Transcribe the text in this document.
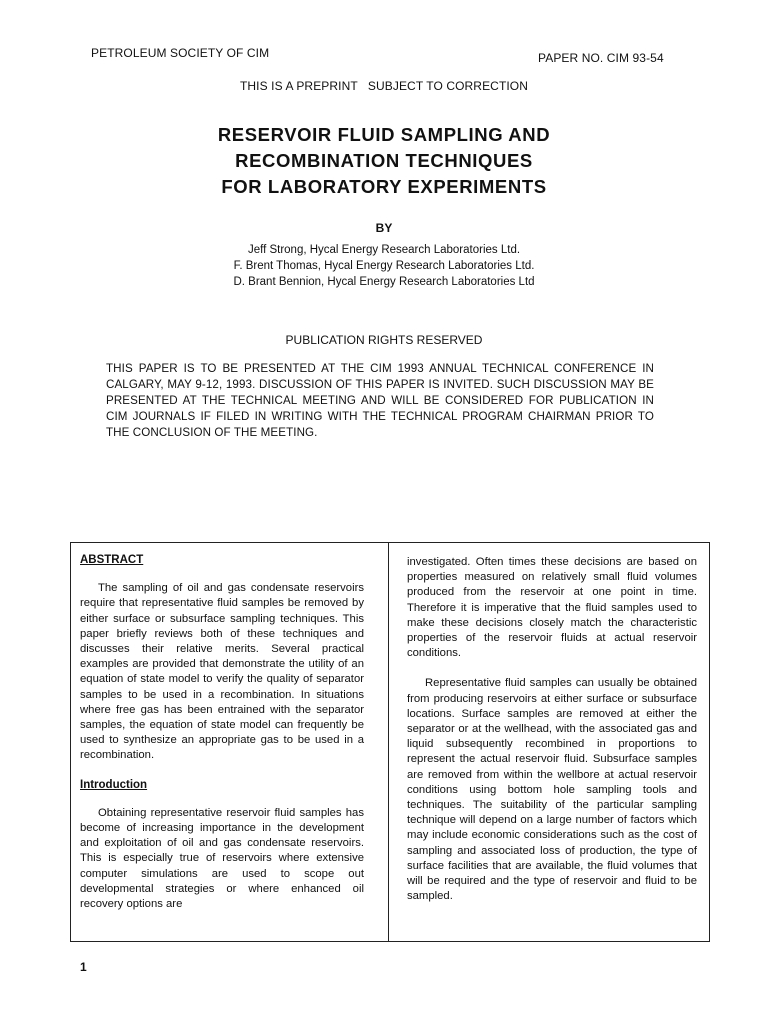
PETROLEUM SOCIETY OF CIM	PAPER NO. CIM 93-54
THIS IS A PREPRINT   SUBJECT TO CORRECTION
RESERVOIR FLUID SAMPLING AND
RECOMBINATION TECHNIQUES
FOR LABORATORY EXPERIMENTS
BY
Jeff Strong, Hycal Energy Research Laboratories Ltd.
F. Brent Thomas, Hycal Energy Research Laboratories Ltd.
D. Brant Bennion, Hycal Energy Research Laboratories Ltd
PUBLICATION RIGHTS RESERVED
THIS PAPER IS TO BE PRESENTED AT THE CIM 1993 ANNUAL TECHNICAL CONFERENCE IN CALGARY, MAY 9-12, 1993. DISCUSSION OF THIS PAPER IS INVITED. SUCH DISCUSSION MAY BE PRESENTED AT THE TECHNICAL MEETING AND WILL BE CONSIDERED FOR PUBLICATION IN CIM JOURNALS IF FILED IN WRITING WITH THE TECHNICAL PROGRAM CHAIRMAN PRIOR TO THE CONCLUSION OF THE MEETING.

ABSTRACT

The sampling of oil and gas condensate reservoirs require that representative fluid samples be removed by either surface or subsurface sampling techniques. This paper briefly reviews both of these techniques and discusses their relative merits. Several practical examples are provided that demonstrate the utility of an equation of state model to verify the quality of separator samples to be used in a recombination. In situations where free gas has been entrained with the separator samples, the equation of state model can frequently be used to synthesize an appropriate gas to be used in a recombination.

Introduction

Obtaining representative reservoir fluid samples has become of increasing importance in the development and exploitation of oil and gas condensate reservoirs. This is especially true of reservoirs where extensive computer simulations are used to scope out developmental strategies or where enhanced oil recovery options are

investigated. Often times these decisions are based on properties measured on relatively small fluid volumes produced from the reservoir at one point in time. Therefore it is imperative that the fluid samples used to make these decisions closely match the characteristic properties of the reservoir fluids at actual reservoir conditions.

Representative fluid samples can usually be obtained from producing reservoirs at either surface or subsurface locations. Surface samples are removed at either the separator or at the wellhead, with the associated gas and liquid subsequently recombined in proportions to represent the actual reservoir fluid. Subsurface samples are removed from within the wellbore at actual reservoir conditions using bottom hole sampling tools and techniques. The suitability of the particular sampling technique will depend on a large number of factors which may include economic considerations such as the cost of sampling and associated loss of production, the type of surface facilities that are available, the fluid volumes that will be required and the type of reservoir and fluid to be sampled.

1
